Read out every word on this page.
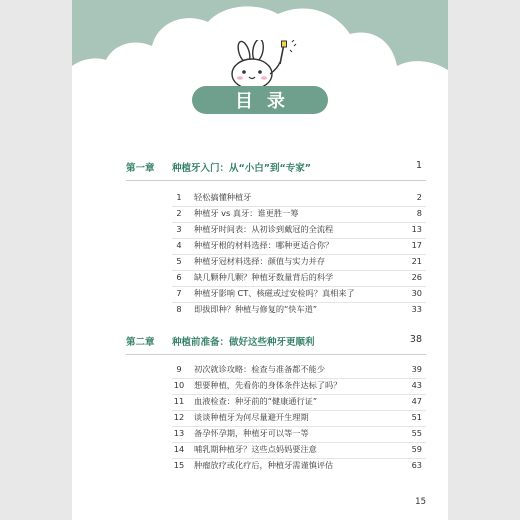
目录
第一章 种植牙入门：从“小白”到“专家”	1
1	轻松搞懂种植牙	2
2	种植牙 vs 真牙：谁更胜一筹	8
3	种植牙时间表：从初诊到戴冠的全流程	13
4	种植牙根的材料选择：哪种更适合你？	17
5	种植牙冠材料选择：颜值与实力并存	21
6	缺几颗种几颗？种植牙数量背后的科学	26
7	种植牙影响 CT、核磁或过安检吗？真相来了	30
8	即拔即种？种植与修复的“快车道”	33
第二章 种植前准备：做好这些种牙更顺利	38
9	初次就诊攻略：检查与准备都不能少	39
10 想要种植，先看你的身体条件达标了吗？	43
11 血液检查：种牙前的“健康通行证”	47
12 谈谈种植牙为何尽量避开生理期	51
13 备孕怀孕期，种植牙可以等一等	55
14 哺乳期种植牙？这些点妈妈要注意	59
15 肿瘤放疗或化疗后，种植牙需谨慎评估	63
15
